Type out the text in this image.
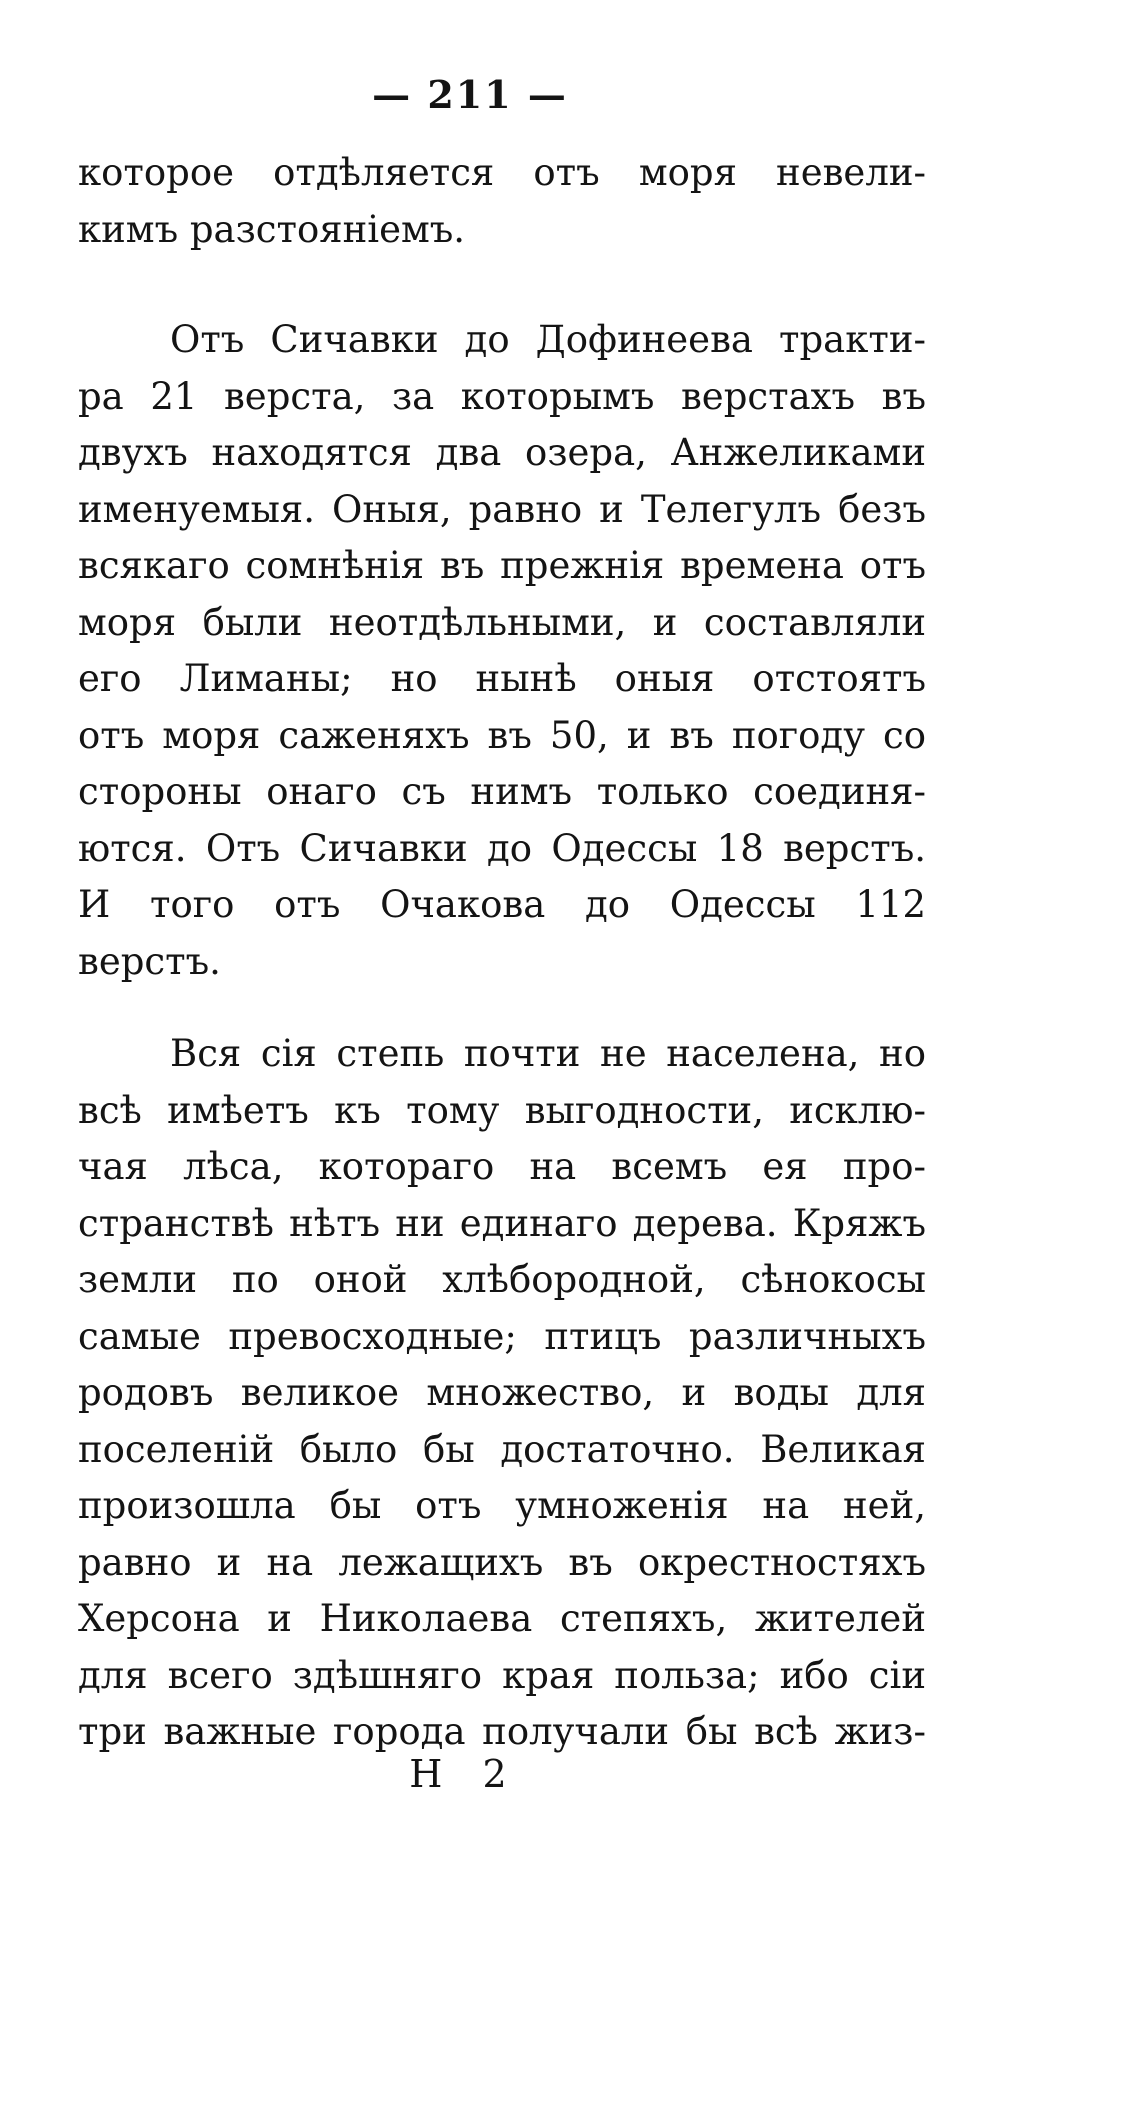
— 211 —
которое отдѣляется отъ моря невели-
кимъ разстояніемъ.
Отъ Сичавки до Дофинеева тракти-
ра 21 верста, за которымъ верстахъ въ
двухъ находятся два озера, Анжеликами
именуемыя. Оныя, равно и Телегулъ безъ
всякаго сомнѣнія въ прежнія времена отъ
моря были неотдѣльными, и составляли
его Лиманы; но нынѣ оныя отстоятъ
отъ моря саженяхъ въ 50, и въ погоду со
стороны онаго съ нимъ только соединя-
ются. Отъ Сичавки до Одессы 18 верстъ.
И того отъ Очакова до Одессы 112
верстъ.
Вся сія степь почти не населена, но
всѣ имѣетъ къ тому выгодности, исклю-
чая лѣса, котораго на всемъ ея про-
странствѣ нѣтъ ни единаго дерева. Кряжъ
земли по оной хлѣбородной, сѣнокосы
самые превосходные; птицъ различныхъ
родовъ великое множество, и воды для
поселеній было бы достаточно. Великая
произошла бы отъ умноженія на ней,
равно и на лежащихъ въ окрестностяхъ
Херсона и Николаева степяхъ, жителей
для всего здѣшняго края польза; ибо сіи
три важные города получали бы всѣ жиз-
Н 2
